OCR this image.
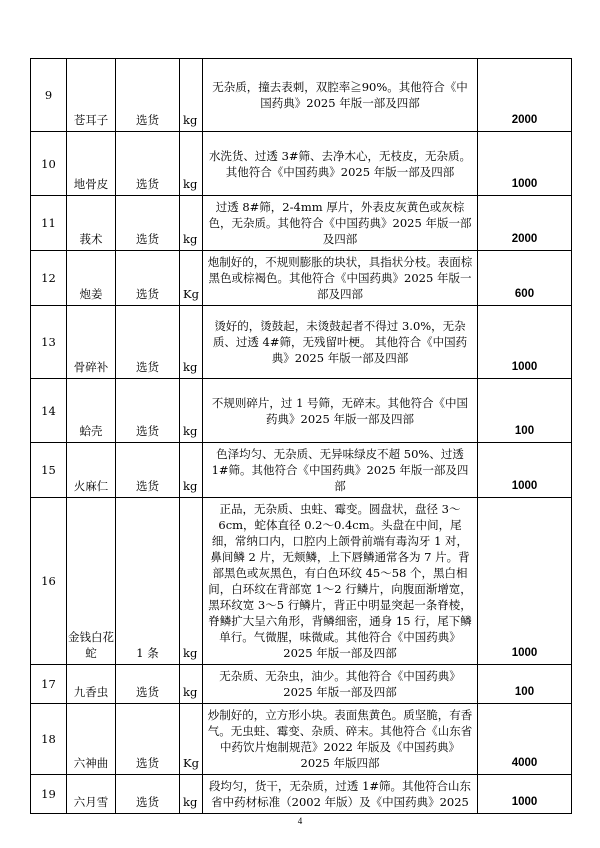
9	苍耳子	选货	kg	无杂质，撞去表刺，双腔率≧90%。其他符合《中国药典》2025 年版一部及四部	2000
10	地骨皮	选货	kg	水洗货、过透 3#筛、去净木心，无枝皮，无杂质。其他符合《中国药典》2025 年版一部及四部	1000
11	莪术	选货	kg	过透 8#筛，2-4mm 厚片，外表皮灰黄色或灰棕色，无杂质。其他符合《中国药典》2025 年版一部及四部	2000
12	炮姜	选货	Kg	炮制好的，不规则膨胀的块状，具指状分枝。表面棕黑色或棕褐色。其他符合《中国药典》2025 年版一部及四部	600
13	骨碎补	选货	kg	烫好的，烫鼓起，未烫鼓起者不得过 3.0%，无杂质、过透 4#筛，无残留叶梗。 其他符合《中国药典》2025 年版一部及四部	1000
14	蛤壳	选货	kg	不规则碎片，过 1 号筛，无碎末。其他符合《中国药典》2025 年版一部及四部	100
15	火麻仁	选货	kg	色泽均匀、无杂质、无异味绿皮不超 50%、过透 1#筛。其他符合《中国药典》2025 年版一部及四部	1000
16	金钱白花蛇	1 条	kg	正品，无杂质、虫蛀、霉变。圆盘状，盘径 3～6cm，蛇体直径 0.2～0.4cm。头盘在中间，尾细，常纳口内，口腔内上颌骨前端有毒沟牙 1 对，鼻间鳞 2 片，无颊鳞，上下唇鳞通常各为 7 片。背部黑色或灰黑色，有白色环纹 45～58 个，黑白相间，白环纹在背部宽 1～2 行鳞片，向腹面渐增宽，黑环纹宽 3～5 行鳞片，背正中明显突起一条脊棱，脊鳞扩大呈六角形，背鳞细密，通身 15 行，尾下鳞单行。气微腥，味微咸。其他符合《中国药典》2025 年版一部及四部	1000
17	九香虫	选货	kg	无杂质、无杂虫，油少。其他符合《中国药典》2025 年版一部及四部	100
18	六神曲	选货	Kg	炒制好的，立方形小块。表面焦黄色。质坚脆，有香气。无虫蛀、霉变、杂质、碎末。其他符合《山东省中药饮片炮制规范》2022 年版及《中国药典》2025 年版四部	4000
19	六月雪	选货	kg	段均匀，货干，无杂质，过透 1#筛。其他符合山东省中药材标准（2002 年版）及《中国药典》2025	1000
4
